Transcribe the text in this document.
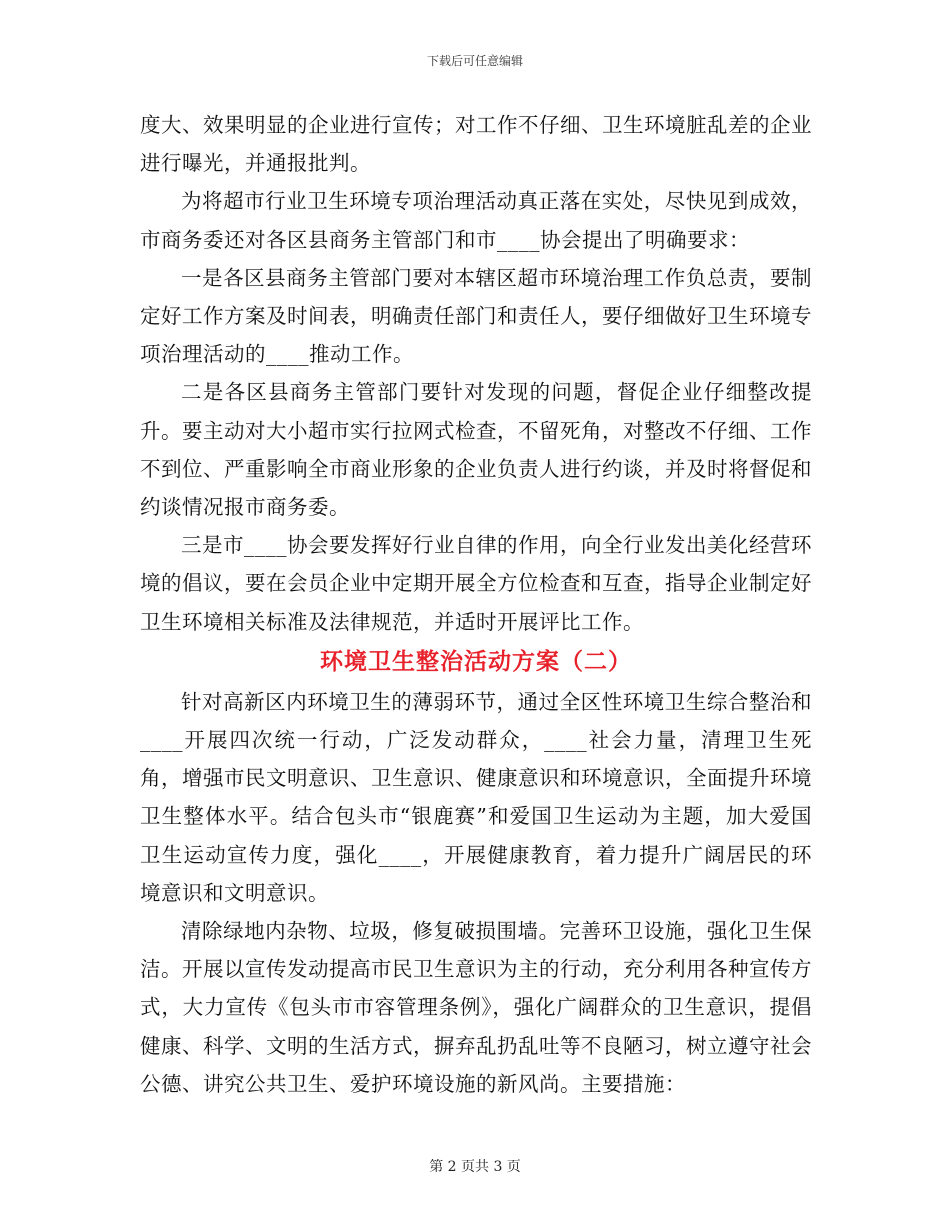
下载后可任意编辑

度大、效果明显的企业进行宣传；对工作不仔细、卫生环境脏乱差的企业进行曝光，并通报批判。

为将超市行业卫生环境专项治理活动真正落在实处，尽快见到成效，市商务委还对各区县商务主管部门和市____协会提出了明确要求：

一是各区县商务主管部门要对本辖区超市环境治理工作负总责，要制定好工作方案及时间表，明确责任部门和责任人，要仔细做好卫生环境专项治理活动的____推动工作。

二是各区县商务主管部门要针对发现的问题，督促企业仔细整改提升。要主动对大小超市实行拉网式检查，不留死角，对整改不仔细、工作不到位、严重影响全市商业形象的企业负责人进行约谈，并及时将督促和约谈情况报市商务委。

三是市____协会要发挥好行业自律的作用，向全行业发出美化经营环境的倡议，要在会员企业中定期开展全方位检查和互查，指导企业制定好卫生环境相关标准及法律规范，并适时开展评比工作。

环境卫生整治活动方案（二）

针对高新区内环境卫生的薄弱环节，通过全区性环境卫生综合整治和____开展四次统一行动，广泛发动群众，____社会力量，清理卫生死角，增强市民文明意识、卫生意识、健康意识和环境意识，全面提升环境卫生整体水平。结合包头市“银鹿赛”和爱国卫生运动为主题，加大爱国卫生运动宣传力度，强化____，开展健康教育，着力提升广阔居民的环境意识和文明意识。

清除绿地内杂物、垃圾，修复破损围墙。完善环卫设施，强化卫生保洁。开展以宣传发动提高市民卫生意识为主的行动，充分利用各种宣传方式，大力宣传《包头市市容管理条例》，强化广阔群众的卫生意识，提倡健康、科学、文明的生活方式，摒弃乱扔乱吐等不良陋习，树立遵守社会公德、讲究公共卫生、爱护环境设施的新风尚。主要措施：

第 2 页共 3 页
